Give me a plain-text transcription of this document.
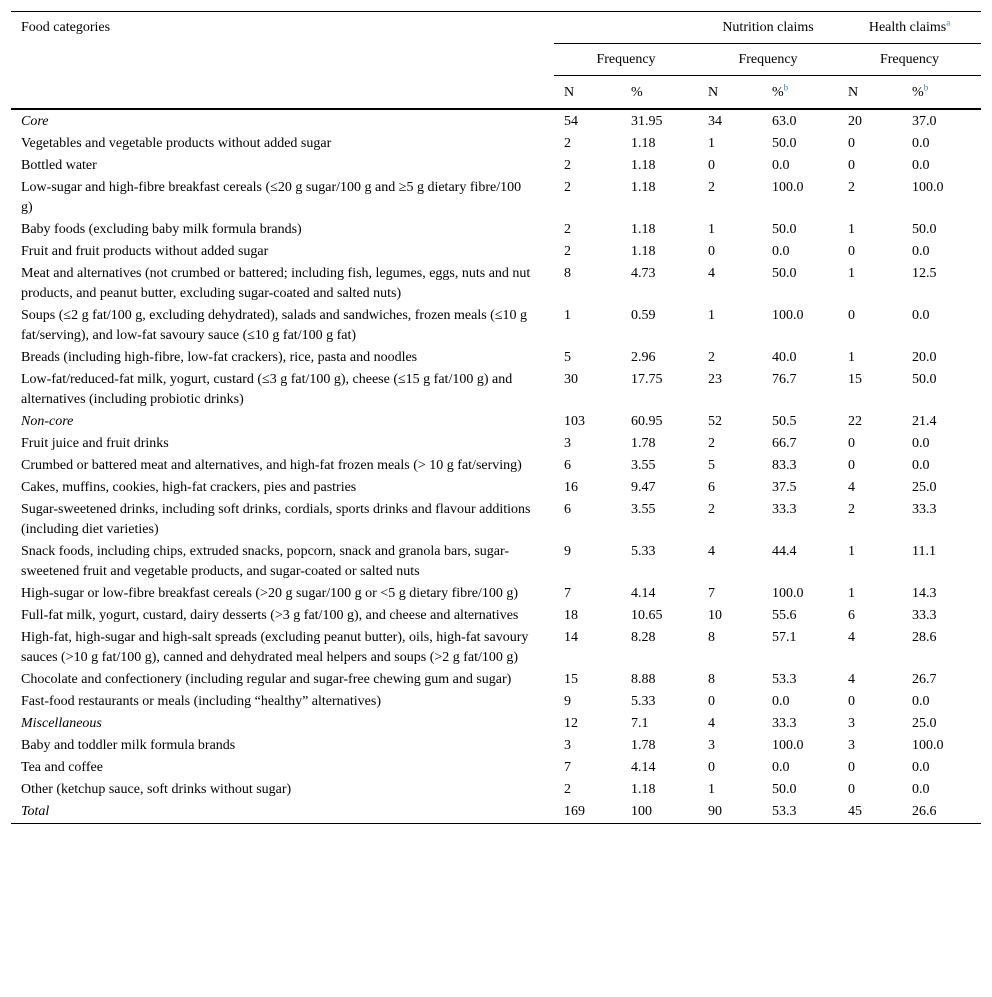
Food categories			Nutrition claims		Health claims$^a$
	Frequency		Frequency		Frequency	
	N	%	N	%$^b$	N	%$^b$
Core	54	31.95	34	63.0	20	37.0
Vegetables and vegetable products without added sugar	2	1.18	1	50.0	0	0.0
Bottled water	2	1.18	0	0.0	0	0.0
Low-sugar and high-fibre breakfast cereals (≤20 g sugar/100 g and ≥5 g dietary fibre/100 g)	2	1.18	2	100.0	2	100.0
Baby foods (excluding baby milk formula brands)	2	1.18	1	50.0	1	50.0
Fruit and fruit products without added sugar	2	1.18	0	0.0	0	0.0
Meat and alternatives (not crumbed or battered; including fish, legumes, eggs, nuts and nut products, and peanut butter, excluding sugar-coated and salted nuts)	8	4.73	4	50.0	1	12.5
Soups (≤2 g fat/100 g, excluding dehydrated), salads and sandwiches, frozen meals (≤10 g fat/serving), and low-fat savoury sauce (≤10 g fat/100 g fat)	1	0.59	1	100.0	0	0.0
Breads (including high-fibre, low-fat crackers), rice, pasta and noodles	5	2.96	2	40.0	1	20.0
Low-fat/reduced-fat milk, yogurt, custard (≤3 g fat/100 g), cheese (≤15 g fat/100 g) and alternatives (including probiotic drinks)	30	17.75	23	76.7	15	50.0
Non-core	103	60.95	52	50.5	22	21.4
Fruit juice and fruit drinks	3	1.78	2	66.7	0	0.0
Crumbed or battered meat and alternatives, and high-fat frozen meals (> 10 g fat/serving)	6	3.55	5	83.3	0	0.0
Cakes, muffins, cookies, high-fat crackers, pies and pastries	16	9.47	6	37.5	4	25.0
Sugar-sweetened drinks, including soft drinks, cordials, sports drinks and flavour additions (including diet varieties)	6	3.55	2	33.3	2	33.3
Snack foods, including chips, extruded snacks, popcorn, snack and granola bars, sugar-sweetened fruit and vegetable products, and sugar-coated or salted nuts	9	5.33	4	44.4	1	11.1
High-sugar or low-fibre breakfast cereals (>20 g sugar/100 g or <5 g dietary fibre/100 g)	7	4.14	7	100.0	1	14.3
Full-fat milk, yogurt, custard, dairy desserts (>3 g fat/100 g), and cheese and alternatives	18	10.65	10	55.6	6	33.3
High-fat, high-sugar and high-salt spreads (excluding peanut butter), oils, high-fat savoury sauces (>10 g fat/100 g), canned and dehydrated meal helpers and soups (>2 g fat/100 g)	14	8.28	8	57.1	4	28.6
Chocolate and confectionery (including regular and sugar-free chewing gum and sugar)	15	8.88	8	53.3	4	26.7
Fast-food restaurants or meals (including “healthy” alternatives)	9	5.33	0	0.0	0	0.0
Miscellaneous	12	7.1	4	33.3	3	25.0
Baby and toddler milk formula brands	3	1.78	3	100.0	3	100.0
Tea and coffee	7	4.14	0	0.0	0	0.0
Other (ketchup sauce, soft drinks without sugar)	2	1.18	1	50.0	0	0.0
Total	169	100	90	53.3	45	26.6
